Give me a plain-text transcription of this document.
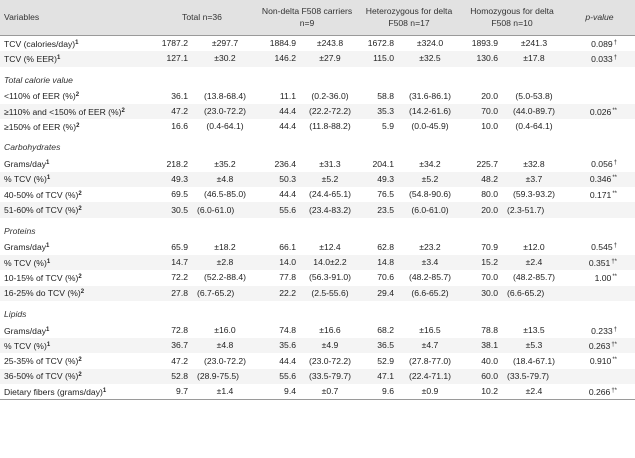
Variables	Total n=36		Non-delta F508 carriers n=9		Heterozygous for delta F508 n=17		Homozygous for delta F508 n=10		p-value
TCV (calories/day)$^1$	1787.2	±297.7	1884.9	±243.8	1672.8	±324.0	1893.9	±241.3	0.089†
TCV (% EER)$^1$	127.1	±30.2	146.2	±27.9	115.0	±32.5	130.6	±17.8	0.033†

Total calorie value									
<110% of EER (%)$^2$	36.1	(13.8-68.4)	11.1	(0.2-36.0)	58.8	(31.6-86.1)	20.0	(5.0-53.8)	
≥110% and <150% of EER (%)$^2$	47.2	(23.0-72.2)	44.4	(22.2-72.2)	35.3	(14.2-61.6)	70.0	(44.0-89.7)	0.026**
≥150% of EER (%)$^2$	16.6	(0.4-64.1)	44.4	(11.8-88.2)	5.9	(0.0-45.9)	10.0	(0.4-64.1)	

Carbohydrates									
Grams/day$^1$	218.2	±35.2	236.4	±31.3	204.1	±34.2	225.7	±32.8	0.056†
% TCV (%)$^1$	49.3	±4.8	50.3	±5.2	49.3	±5.2	48.2	±3.7	0.346**
40-50% of TCV (%)$^2$	69.5	(46.5-85.0)	44.4	(24.4-65.1)	76.5	(54.8-90.6)	80.0	(59.3-93.2)	0.171**
51-60% of TCV (%)$^2$	30.5	(6.0-61.0)	55.6	(23.4-83.2)	23.5	(6.0-61.0)	20.0	(2.3-51.7)	

Proteins									
Grams/day$^1$	65.9	±18.2	66.1	±12.4	62.8	±23.2	70.9	±12.0	0.545†
% TCV (%)$^1$	14.7	±2.8	14.0	14.0±2.2	14.8	±3.4	15.2	±2.4	0.351†*
10-15% of TCV (%)$^2$	72.2	(52.2-88.4)	77.8	(56.3-91.0)	70.6	(48.2-85.7)	70.0	(48.2-85.7)	1.00**
16-25% do TCV (%)$^2$	27.8	(6.7-65.2)	22.2	(2.5-55.6)	29.4	(6.6-65.2)	30.0	(6.6-65.2)	

Lipids									
Grams/day$^1$	72.8	±16.0	74.8	±16.6	68.2	±16.5	78.8	±13.5	0.233†
% TCV (%)$^1$	36.7	±4.8	35.6	±4.9	36.5	±4.7	38.1	±5.3	0.263†*
25-35% of TCV (%)$^2$	47.2	(23.0-72.2)	44.4	(23.0-72.2)	52.9	(27.8-77.0)	40.0	(18.4-67.1)	0.910**
36-50% of TCV (%)$^2$	52.8	(28.9-75.5)	55.6	(33.5-79.7)	47.1	(22.4-71.1)	60.0	(33.5-79.7)	
Dietary fibers (grams/day)$^1$	9.7	±1.4	9.4	±0.7	9.6	±0.9	10.2	±2.4	0.266†*
